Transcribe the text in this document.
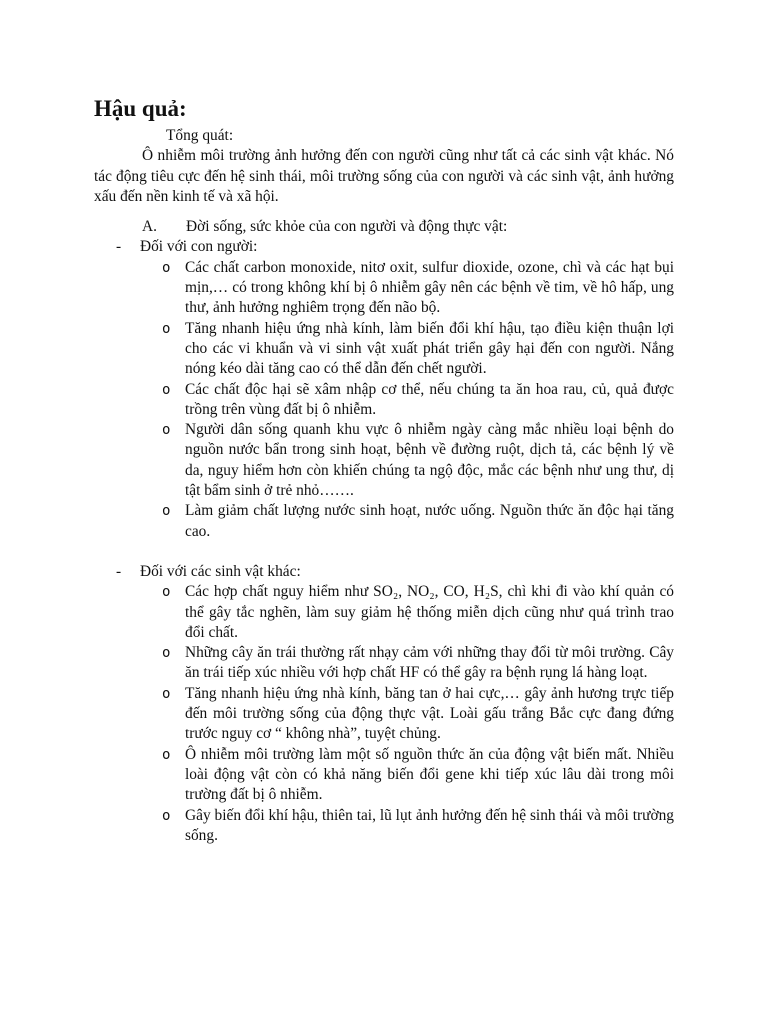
Hậu quả:

Tổng quát:

Ô nhiễm môi trường ảnh hưởng đến con người cũng như tất cả các sinh vật khác. Nó tác động tiêu cực đến hệ sinh thái, môi trường sống của con người và các sinh vật, ảnh hưởng xấu đến nền kinh tế và xã hội.

A. Đời sống, sức khỏe của con người và động thực vật:
- Đối với con người:
o Các chất carbon monoxide, nitơ oxit, sulfur dioxide, ozone, chì và các hạt bụi mịn,… có trong không khí bị ô nhiễm gây nên các bệnh về tim, về hô hấp, ung thư, ảnh hưởng nghiêm trọng đến não bộ.
o Tăng nhanh hiệu ứng nhà kính, làm biến đổi khí hậu, tạo điều kiện thuận lợi cho các vi khuẩn và vi sinh vật xuất phát triển gây hại đến con người. Nắng nóng kéo dài tăng cao có thể dẫn đến chết người.
o Các chất độc hại sẽ xâm nhập cơ thể, nếu chúng ta ăn hoa rau, củ, quả được trồng trên vùng đất bị ô nhiễm.
o Người dân sống quanh khu vực ô nhiễm ngày càng mắc nhiều loại bệnh do nguồn nước bẩn trong sinh hoạt, bệnh về đường ruột, dịch tả, các bệnh lý về da, nguy hiểm hơn còn khiến chúng ta ngộ độc, mắc các bệnh như ung thư, dị tật bẩm sinh ở trẻ nhỏ…….
o Làm giảm chất lượng nước sinh hoạt, nước uống. Nguồn thức ăn độc hại tăng cao.
- Đối với các sinh vật khác:
o Các hợp chất nguy hiểm như SO₂, NO₂, CO, H₂S, chì khi đi vào khí quản có thể gây tắc nghẽn, làm suy giảm hệ thống miễn dịch cũng như quá trình trao đổi chất.
o Những cây ăn trái thường rất nhạy cảm với những thay đổi từ môi trường. Cây ăn trái tiếp xúc nhiều với hợp chất HF có thể gây ra bệnh rụng lá hàng loạt.
o Tăng nhanh hiệu ứng nhà kính, băng tan ở hai cực,… gây ảnh hương trực tiếp đến môi trường sống của động thực vật. Loài gấu trắng Bắc cực đang đứng trước nguy cơ “ không nhà”, tuyệt chủng.
o Ô nhiễm môi trường làm một số nguồn thức ăn của động vật biến mất. Nhiều loài động vật còn có khả năng biến đổi gene khi tiếp xúc lâu dài trong môi trường đất bị ô nhiễm.
o Gây biến đổi khí hậu, thiên tai, lũ lụt ảnh hưởng đến hệ sinh thái và môi trường sống.
